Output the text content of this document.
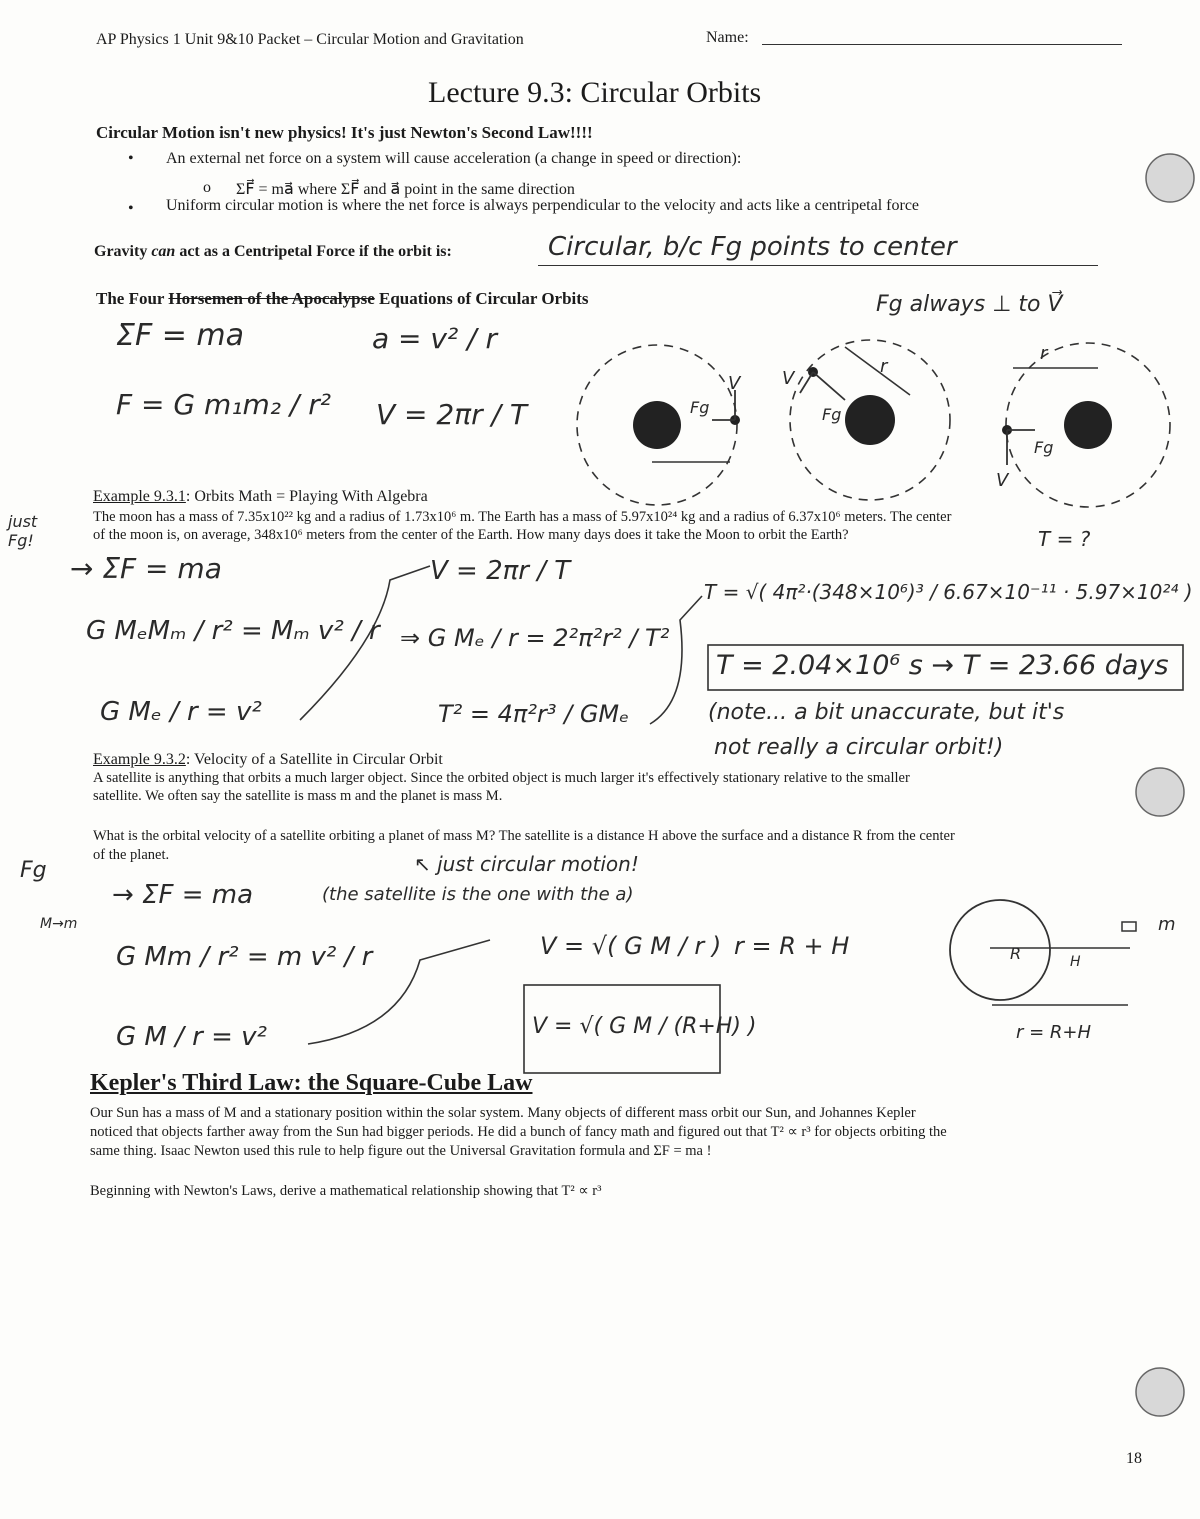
AP Physics 1 Unit 9&10 Packet – Circular Motion and Gravitation	Name:
Lecture 9.3: Circular Orbits
Circular Motion isn't new physics! It's just Newton's Second Law!!!!
• An external net force on a system will cause acceleration (a change in speed or direction):
o ΣF⃗ = ma⃗ where ΣF⃗ and a⃗ point in the same direction
• Uniform circular motion is where the net force is always perpendicular to the velocity and acts like a centripetal force
Gravity can act as a Centripetal Force if the orbit is:	Circular, b/c Fg points to center
The Four Horsemen of the Apocalypse Equations of Circular Orbits	Fg always ⊥ to V⃗
ΣF = ma	a = v² / r
F = G m₁m₂ / r² V = 2πr / T
V
Fg
V
Fg
r
r
Fg
V
Example 9.3.1: Orbits Math = Playing With Algebra
The moon has a mass of 7.35x10²² kg and a radius of 1.73x10⁶ m. The Earth has a mass of 5.97x10²⁴ kg and a radius of 6.37x10⁶ meters. The center
of the moon is, on average, 348x10⁶ meters from the center of the Earth. How many days does it take the Moon to orbit the Earth?	T = ?
just Fg!
→ ΣF = ma
G MₑMₘ / r² = Mₘ v² / r
G Mₑ / r = v²
V = 2πr / T
⇒ G Mₑ / r = 2²π²r² / T²
T² = 4π²r³ / GMₑ
T = √( 4π²·(348×10⁶)³ / 6.67×10⁻¹¹ · 5.97×10²⁴ )
T = 2.04×10⁶ s → T = 23.66 days
(note... a bit unaccurate, but it's
not really a circular orbit!)
Example 9.3.2: Velocity of a Satellite in Circular Orbit
A satellite is anything that orbits a much larger object. Since the orbited object is much larger it's effectively stationary relative to the smaller
satellite. We often say the satellite is mass m and the planet is mass M.
What is the orbital velocity of a satellite orbiting a planet of mass M? The satellite is a distance H above the surface and a distance R from the center
of the planet.	↖ just circular motion!
Fg
M→m
→ ΣF = ma	(the satellite is the one with the a)
G Mm / r² = m v² / r
G M / r = v²
V = √( G M / r ) r = R + H
V = √( G M / (R+H) )
R	H
m
r = R+H
Kepler's Third Law: the Square-Cube Law
Our Sun has a mass of M and a stationary position within the solar system. Many objects of different mass orbit our Sun, and Johannes Kepler
noticed that objects farther away from the Sun had bigger periods. He did a bunch of fancy math and figured out that T² ∝ r³ for objects orbiting the
same thing. Isaac Newton used this rule to help figure out the Universal Gravitation formula and ΣF = ma !
Beginning with Newton's Laws, derive a mathematical relationship showing that T² ∝ r³
18
